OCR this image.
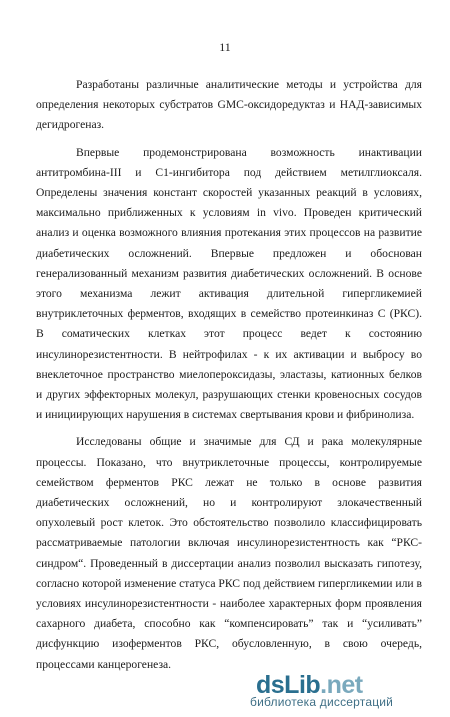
11

Разработаны различные аналитические методы и устройства для определения некоторых субстратов GMC-оксидоредуктаз и НАД-зависимых дегидрогеназ.

Впервые продемонстрирована возможность инактивации антитромбина-III и С1-ингибитора под действием метилглиоксаля. Определены значения констант скоростей указанных реакций в условиях, максимально приближенных к условиям in vivo. Проведен критический анализ и оценка возможного влияния протекания этих процессов на развитие диабетических осложнений. Впервые предложен и обоснован генерализованный механизм развития диабетических осложнений. В основе этого механизма лежит активация длительной гипергликемией внутриклеточных ферментов, входящих в семейство протеинкиназ С (РКС). В соматических клетках этот процесс ведет к состоянию инсулинорезистентности. В нейтрофилах - к их активации и выбросу во внеклеточное пространство миелопероксидазы, эластазы, катионных белков и других эффекторных молекул, разрушающих стенки кровеносных сосудов и инициирующих нарушения в системах свертывания крови и фибринолиза.

Исследованы общие и значимые для СД и рака молекулярные процессы. Показано, что внутриклеточные процессы, контролируемые семейством ферментов РКС лежат не только в основе развития диабетических осложнений, но и контролируют злокачественный опухолевый рост клеток. Это обстоятельство позволило классифицировать рассматриваемые патологии включая инсулинорезистентность как “РКС-синдром“. Проведенный в диссертации анализ позволил высказать гипотезу, согласно которой изменение статуса РКС под действием гипергликемии или в условиях инсулинорезистентности - наиболее характерных форм проявления сахарного диабета, способно как “компенсировать” так и “усиливать” дисфункцию изоферментов РКС, обусловленную, в свою очередь, процессами канцерогенеза.

dsLib.net
библиотека диссертаций
